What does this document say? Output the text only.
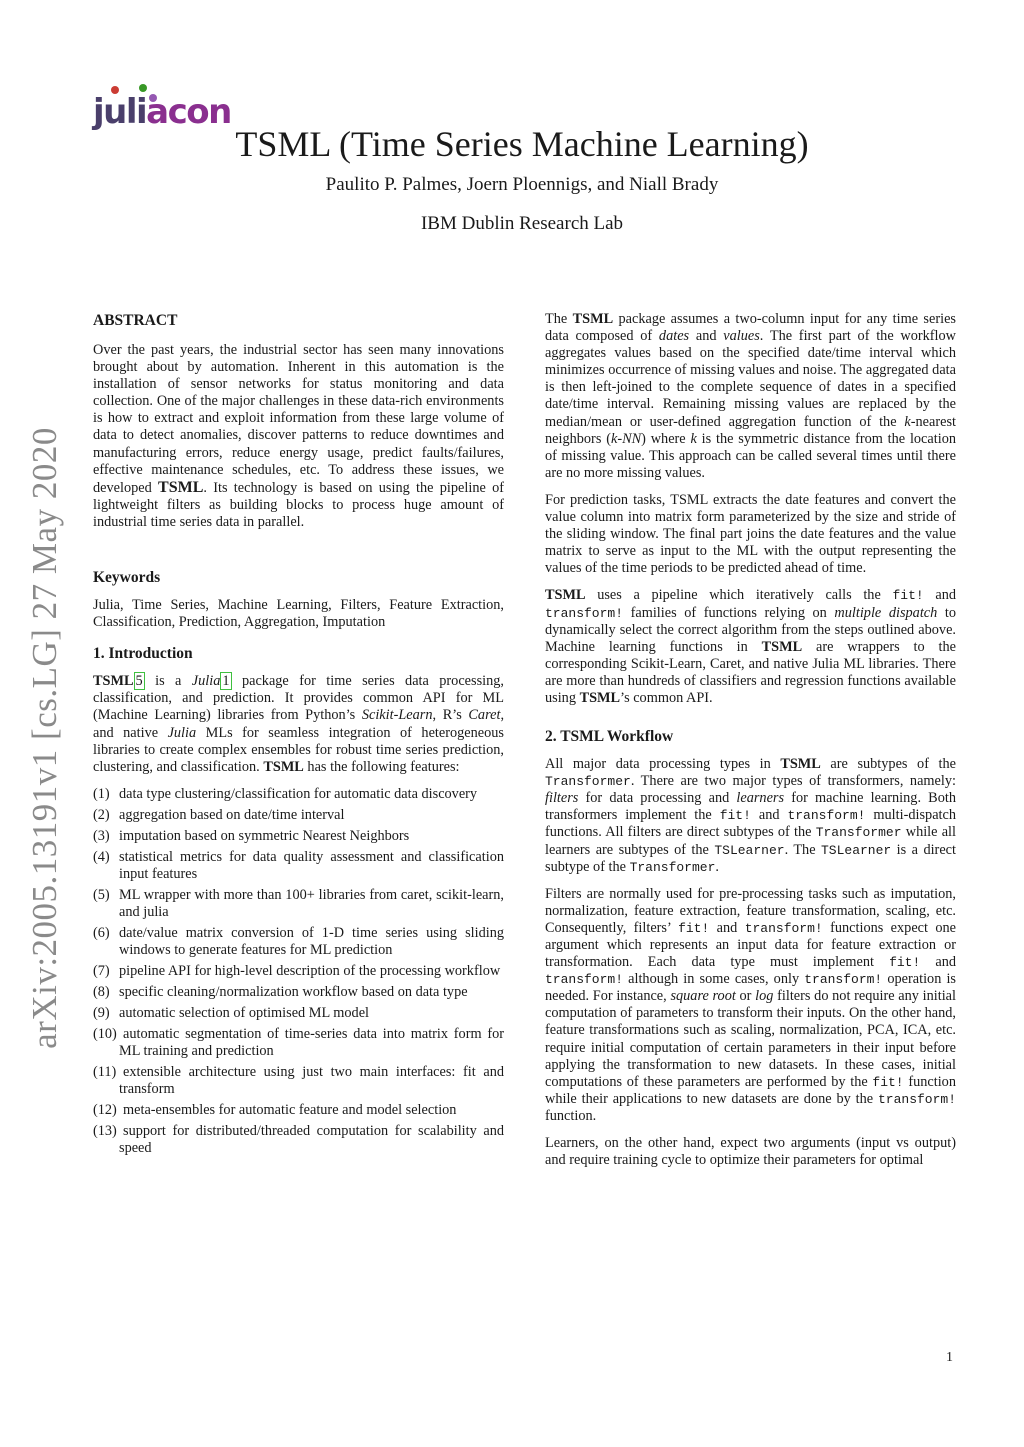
juliacon
TSML (Time Series Machine Learning)
Paulito P. Palmes, Joern Ploennigs, and Niall Brady
IBM Dublin Research Lab
arXiv:2005.13191v1 [cs.LG] 27 May 2020
ABSTRACT

Over the past years, the industrial sector has seen many innovations brought about by automation. Inherent in this automation is the installation of sensor networks for status monitoring and data collection. One of the major challenges in these data-rich environments is how to extract and exploit information from these large volume of data to detect anomalies, discover patterns to reduce downtimes and manufacturing errors, reduce energy usage, predict faults/failures, effective maintenance schedules, etc. To address these issues, we developed TSML. Its technology is based on using the pipeline of lightweight filters as building blocks to process huge amount of industrial time series data in parallel.

Keywords

Julia, Time Series, Machine Learning, Filters, Feature Extraction, Classification, Prediction, Aggregation, Imputation

1. Introduction

TSML 5 is a Julia 1 package for time series data processing, classification, and prediction. It provides common API for ML (Machine Learning) libraries from Python’s Scikit-Learn, R’s Caret, and native Julia MLs for seamless integration of heterogeneous libraries to create complex ensembles for robust time series prediction, clustering, and classification. TSML has the following features:

(1) data type clustering/classification for automatic data discovery
(2) aggregation based on date/time interval
(3) imputation based on symmetric Nearest Neighbors
(4) statistical metrics for data quality assessment and classification input features
(5) ML wrapper with more than 100+ libraries from caret, scikit-learn, and julia
(6) date/value matrix conversion of 1-D time series using sliding windows to generate features for ML prediction
(7) pipeline API for high-level description of the processing workflow
(8) specific cleaning/normalization workflow based on data type
(9) automatic selection of optimised ML model
(10) automatic segmentation of time-series data into matrix form for ML training and prediction
(11) extensible architecture using just two main interfaces: fit and transform
(12) meta-ensembles for automatic feature and model selection
(13) support for distributed/threaded computation for scalability and speed

The TSML package assumes a two-column input for any time series data composed of dates and values. The first part of the workflow aggregates values based on the specified date/time interval which minimizes occurrence of missing values and noise. The aggregated data is then left-joined to the complete sequence of dates in a specified date/time interval. Remaining missing values are replaced by the median/mean or user-defined aggregation function of the k-nearest neighbors (k-NN) where k is the symmetric distance from the location of missing value. This approach can be called several times until there are no more missing values.

For prediction tasks, TSML extracts the date features and convert the value column into matrix form parameterized by the size and stride of the sliding window. The final part joins the date features and the value matrix to serve as input to the ML with the output representing the values of the time periods to be predicted ahead of time.

TSML uses a pipeline which iteratively calls the fit! and transform! families of functions relying on multiple dispatch to dynamically select the correct algorithm from the steps outlined above. Machine learning functions in TSML are wrappers to the corresponding Scikit-Learn, Caret, and native Julia ML libraries. There are more than hundreds of classifiers and regression functions available using TSML’s common API.

2. TSML Workflow

All major data processing types in TSML are subtypes of the Transformer. There are two major types of transformers, namely: filters for data processing and learners for machine learning. Both transformers implement the fit! and transform! multi-dispatch functions. All filters are direct subtypes of the Transformer while all learners are subtypes of the TSLearner. The TSLearner is a direct subtype of the Transformer.

Filters are normally used for pre-processing tasks such as imputation, normalization, feature extraction, feature transformation, scaling, etc. Consequently, filters’ fit! and transform! functions expect one argument which represents an input data for feature extraction or transformation. Each data type must implement fit! and transform! although in some cases, only transform! operation is needed. For instance, square root or log filters do not require any initial computation of parameters to transform their inputs. On the other hand, feature transformations such as scaling, normalization, PCA, ICA, etc. require initial computation of certain parameters in their input before applying the transformation to new datasets. In these cases, initial computations of these parameters are performed by the fit! function while their applications to new datasets are done by the transform! function.

Learners, on the other hand, expect two arguments (input vs output) and require training cycle to optimize their parameters for optimal

1
